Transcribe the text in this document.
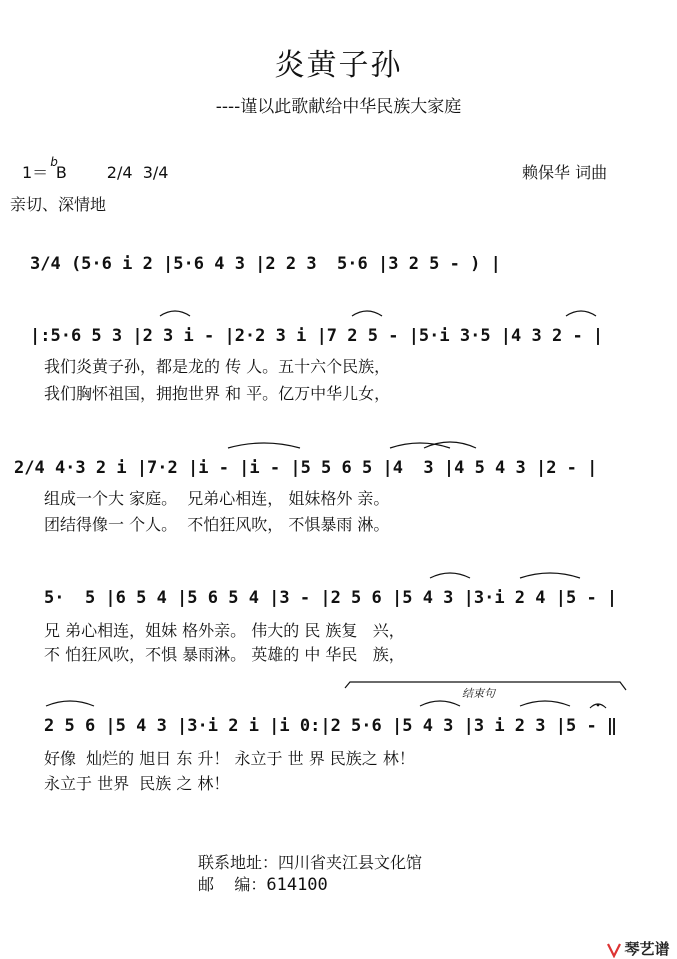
炎黄子孙
----谨以此歌献给中华民族大家庭
1＝$^b$B	2/4  3/4	赖保华 词曲
亲切、深情地
3/4 (5·6 i 2 |5·6 4 3 |2 2 3  5·6 |3 2 5 - ) |
|:5·6 5 3 |2 3 i - |2·2 3 i |7 2 5 - |5·i 3·5 |4 3 2 - |
我们炎黄子孙，都是龙的 传 人。五十六个民族，
我们胸怀祖国，拥抱世界 和 平。亿万中华儿女，
2/4 4·3 2 i |7·2 |i - |i - |5 5 6 5 |4  3 |4 5 4 3 |2 - |
组成一个大 家庭。  兄弟心相连， 姐妹格外 亲。
团结得像一 个人。  不怕狂风吹， 不惧暴雨 淋。
5·  5 |6 5 4 |5 6 5 4 |3 - |2 5 6 |5 4 3 |3·i 2 4 |5 - |
兄 弟心相连，姐妹 格外亲。 伟大的 民 族复   兴，
不 怕狂风吹，不惧 暴雨淋。 英雄的 中 华民   族，
结束句
2 5 6 |5 4 3 |3·i 2 i |i 0:|2 5·6 |5 4 3 |3 i 2 3 |5 - ‖
好像  灿烂的 旭日 东 升！ 永立于 世 界 民族之 林！
永立于 世界  民族 之 林！
联系地址：四川省夹江县文化馆
邮    编：614100

琴艺谱
